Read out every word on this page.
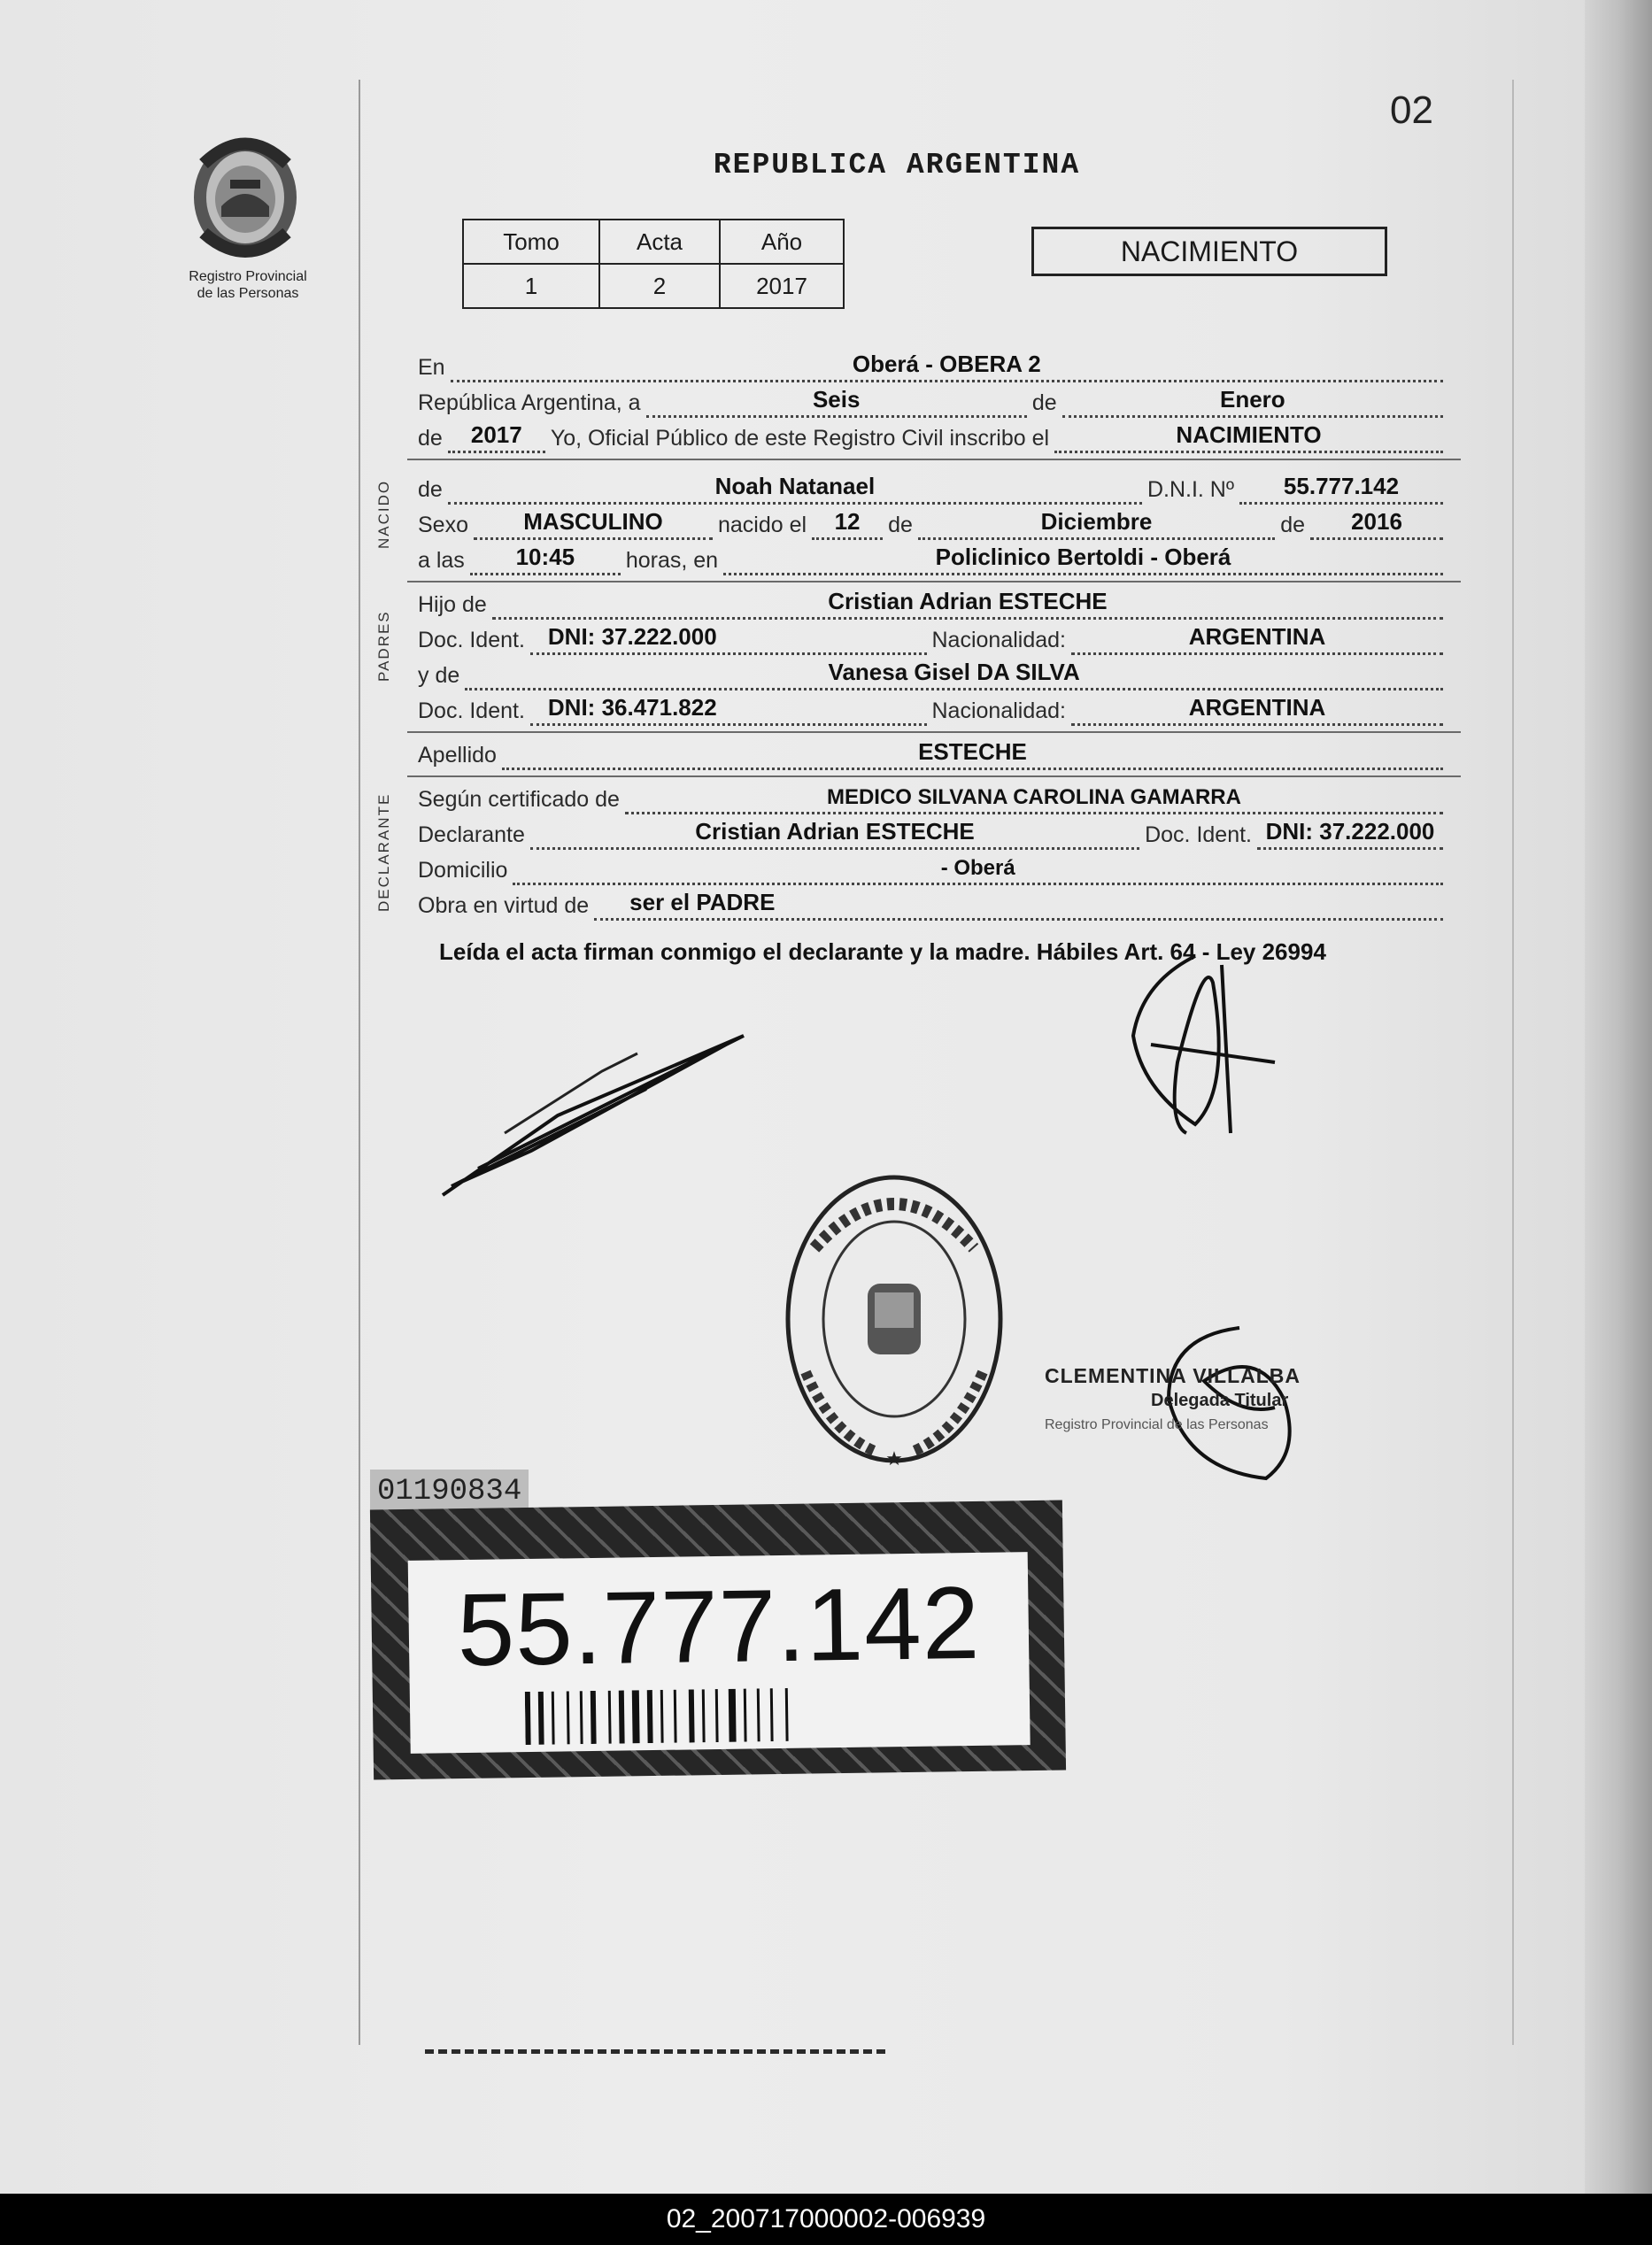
02
Registro Provincial
de las Personas
REPUBLICA ARGENTINA
Tomo	Acta	Año
1	2	2017
NACIMIENTO
En	Oberá - OBERA 2
República Argentina, a	Seis	de	Enero
de	2017	Yo, Oficial Público de este Registro Civil inscribo el	NACIMIENTO
NACIDO de	Noah Natanael	D.N.I. Nº	55.777.142
Sexo	MASCULINO	nacido el	12	de	Diciembre	de	2016
a las	10:45	horas, en	Policlinico Bertoldi - Oberá
PADRES
Hijo de	Cristian Adrian ESTECHE
Doc. Ident.	DNI: 37.222.000	Nacionalidad:	ARGENTINA
y de	Vanesa Gisel DA SILVA
Doc. Ident.	DNI: 36.471.822	Nacionalidad:	ARGENTINA
Apellido	ESTECHE
DECLARANTE Según certificado de	MEDICO SILVANA CAROLINA GAMARRA
Declarante	Cristian Adrian ESTECHE	Doc. Ident. DNI: 37.222.000
Domicilio	- Oberá
Obra en virtud de	ser el PADRE
Leída el acta firman conmigo el declarante y la madre. Hábiles Art. 64 - Ley 26994
★
CLEMENTINA VILLALBA
Delegada Titular
Registro Provincial de las Personas
01190834
55.777.142
02_200717000002-006939
